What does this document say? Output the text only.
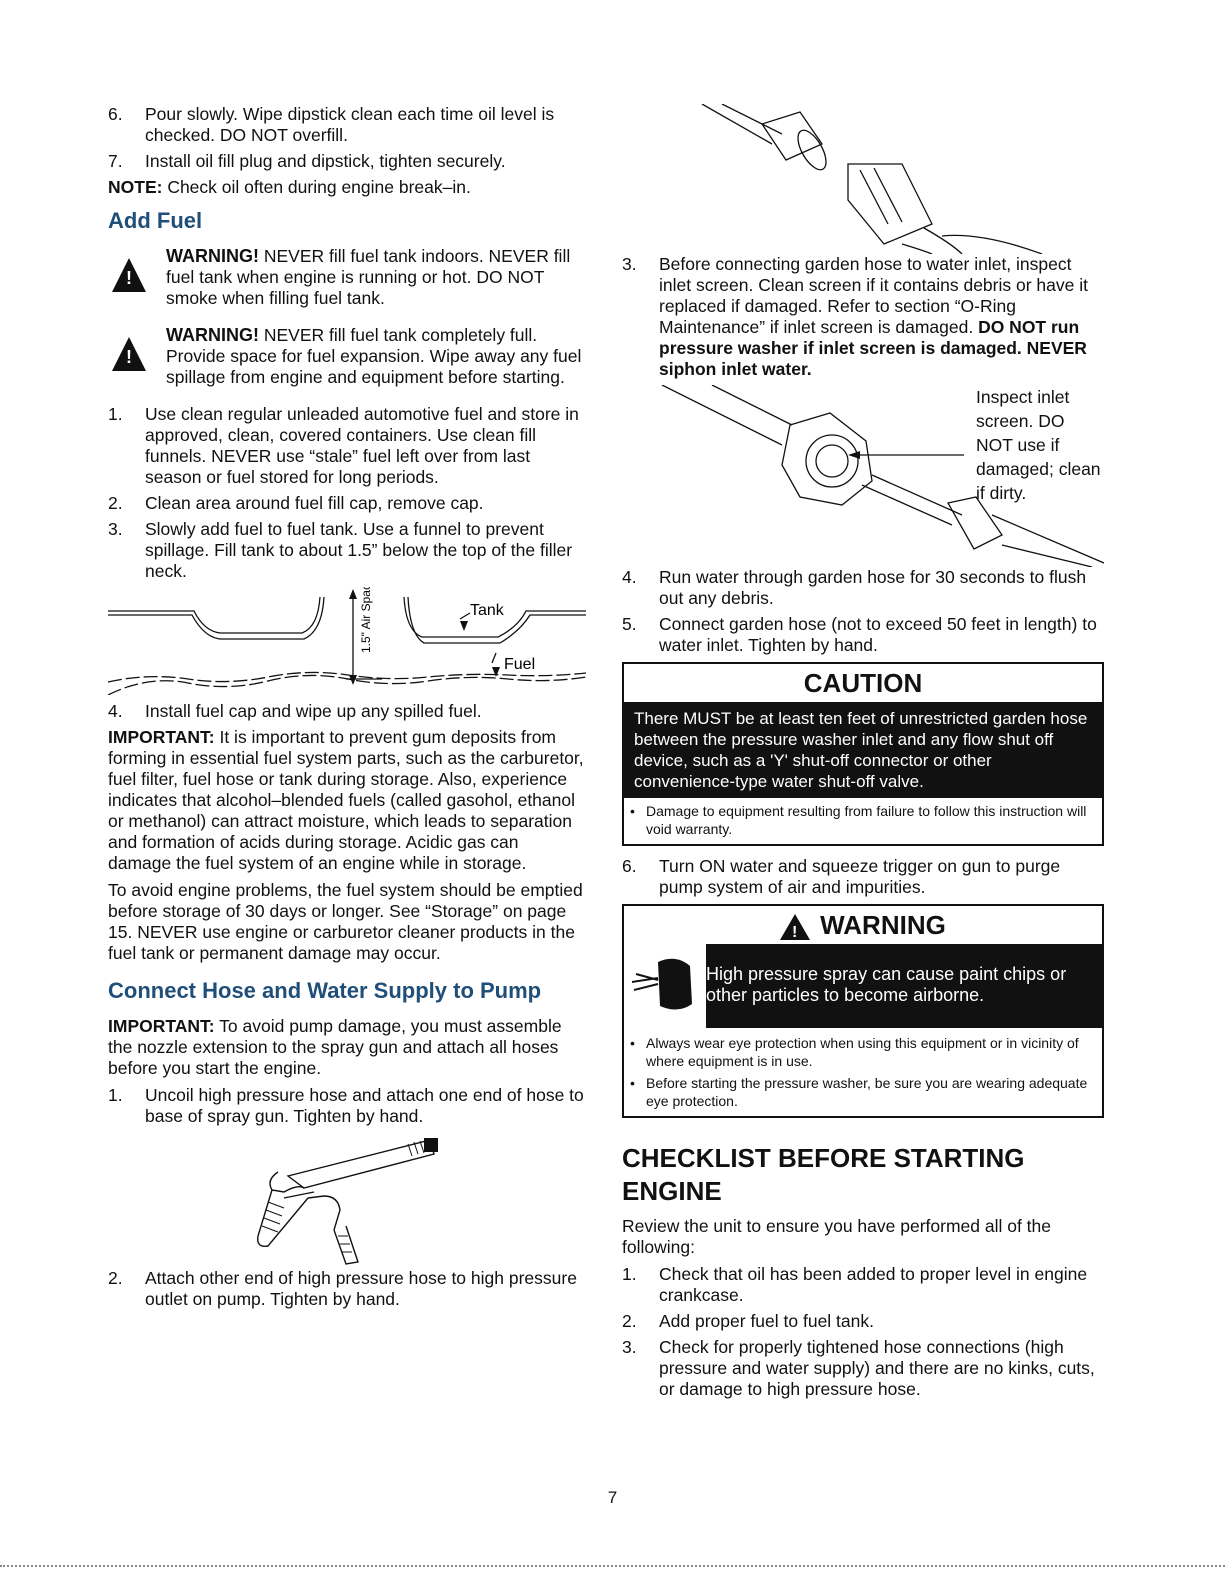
6.	Pour slowly. Wipe dipstick clean each time oil level is checked. DO NOT overfill.
7.	Install oil fill plug and dipstick, tighten securely.

NOTE: Check oil often during engine break–in.

Add Fuel
!
WARNING! NEVER fill fuel tank indoors. NEVER fill fuel tank when engine is running or hot. DO NOT smoke when filling fuel tank.
!
WARNING! NEVER fill fuel tank completely full. Provide space for fuel expansion. Wipe away any fuel spillage from engine and equipment before starting.
1.	Use clean regular unleaded automotive fuel and store in approved, clean, covered containers. Use clean fill funnels. NEVER use “stale” fuel left over from last season or fuel stored for long periods.
2.	Clean area around fuel fill cap, remove cap.
3.	Slowly add fuel to fuel tank. Use a funnel to prevent spillage. Fill tank to about 1.5” below the top of the filler neck.
1.5" Air Space	Tank
Fuel
4.	Install fuel cap and wipe up any spilled fuel.

IMPORTANT: It is important to prevent gum deposits from forming in essential fuel system parts, such as the carburetor, fuel filter, fuel hose or tank during storage. Also, experience indicates that alcohol–blended fuels (called gasohol, ethanol or methanol) can attract moisture, which leads to separation and formation of acids during storage. Acidic gas can damage the fuel system of an engine while in storage.

To avoid engine problems, the fuel system should be emptied before storage of 30 days or longer. See “Storage” on page 15. NEVER use engine or carburetor cleaner products in the fuel tank or permanent damage may occur.

Connect Hose and Water Supply to Pump

IMPORTANT: To avoid pump damage, you must assemble the nozzle extension to the spray gun and attach all hoses before you start the engine.

1.	Uncoil high pressure hose and attach one end of hose to base of spray gun. Tighten by hand.
2.	Attach other end of high pressure hose to high pressure outlet on pump. Tighten by hand.
3.	Before connecting garden hose to water inlet, inspect inlet screen. Clean screen if it contains debris or have it replaced if damaged. Refer to section “O-Ring Maintenance” if inlet screen is damaged. DO NOT run pressure washer if inlet screen is damaged. NEVER siphon inlet water.
Inspect inlet screen. DO NOT use if damaged; clean if dirty.
4.	Run water through garden hose for 30 seconds to flush out any debris.
5.	Connect garden hose (not to exceed 50 feet in length) to water inlet. Tighten by hand.
CAUTION
There MUST be at least ten feet of unrestricted garden hose between the pressure washer inlet and any flow shut off device, such as a 'Y' shut-off connector or other convenience-type water shut-off valve.
• Damage to equipment resulting from failure to follow this instruction will void warranty.
6.	Turn ON water and squeeze trigger on gun to purge pump system of air and impurities.
! WARNING
High pressure spray can cause paint chips or other particles to become airborne.
• Always wear eye protection when using this equipment or in vicinity of where equipment is in use.
• Before starting the pressure washer, be sure you are wearing adequate eye protection.
CHECKLIST BEFORE STARTING ENGINE

Review the unit to ensure you have performed all of the following:

1.	Check that oil has been added to proper level in engine crankcase.
2.	Add proper fuel to fuel tank.
3.	Check for properly tightened hose connections (high pressure and water supply) and there are no kinks, cuts, or damage to high pressure hose.
7
